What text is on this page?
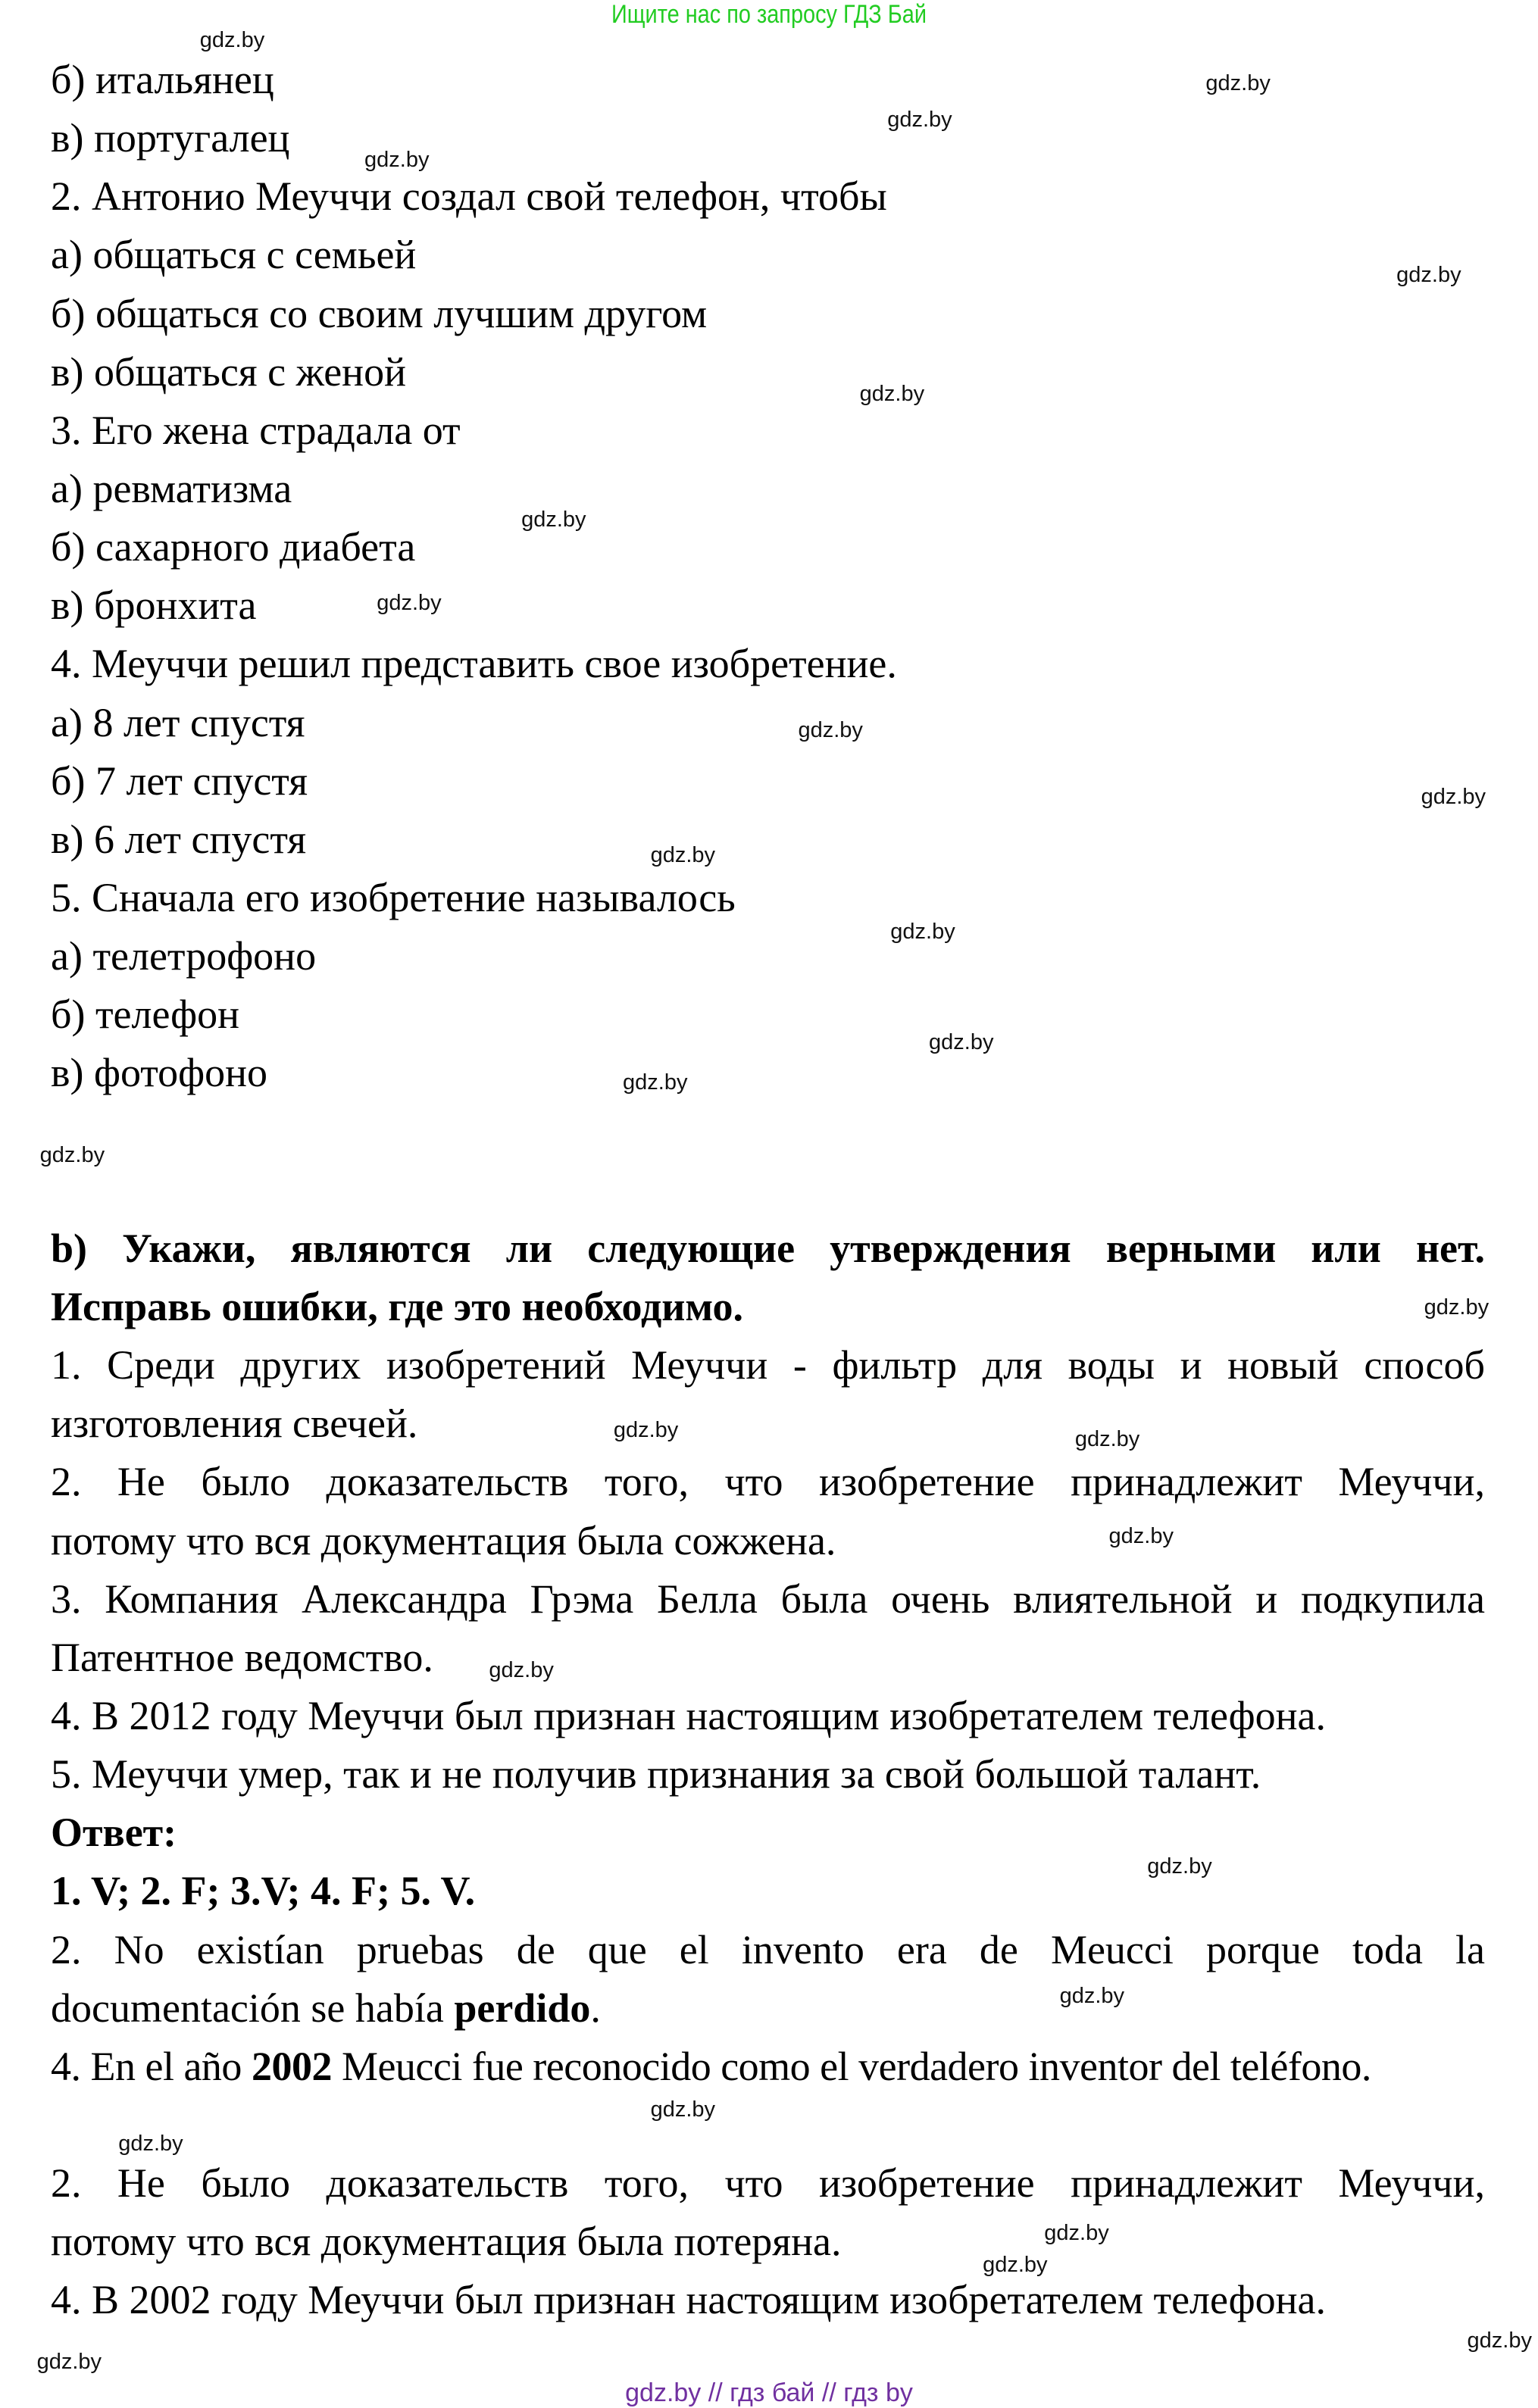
Ищите нас по запросу ГДЗ Бай
б) итальянец
в) португалец
2. Антонио Меуччи создал свой телефон, чтобы
а) общаться с семьей
б) общаться со своим лучшим другом
в) общаться с женой
3. Его жена страдала от
а) ревматизма
б) сахарного диабета
в) бронхита
4. Меуччи решил представить свое изобретение.
а) 8 лет спустя
б) 7 лет спустя
в) 6 лет спустя
5. Сначала его изобретение называлось
а) телетрофоно
б) телефон
в) фотофоно
b) Укажи, являются ли следующие утверждения верными или нет.
Исправь ошибки, где это необходимо.
1. Среди других изобретений Меуччи - фильтр для воды и новый способ
изготовления свечей.
2. Не было доказательств того, что изобретение принадлежит Меуччи,
потому что вся документация была сожжена.
3. Компания Александра Грэма Белла была очень влиятельной и подкупила
Патентное ведомство.
4. В 2012 году Меуччи был признан настоящим изобретателем телефона.
5. Меуччи умер, так и не получив признания за свой большой талант.
Ответ:
1. V; 2. F; 3.V; 4. F; 5. V.
2. No existían pruebas de que el invento era de Meucci porque toda la
documentación se había perdido.
4. En el año 2002 Meucci fue reconocido como el verdadero inventor del teléfono.
2. Не было доказательств того, что изобретение принадлежит Меуччи,
потому что вся документация была потеряна.
4. В 2002 году Меуччи был признан настоящим изобретателем телефона.
gdz.by
gdz.by
gdz.by
gdz.by
gdz.by
gdz.by
gdz.by
gdz.by
gdz.by
gdz.by
gdz.by
gdz.by
gdz.by
gdz.by
gdz.by
gdz.by
gdz.by	gdz.by
gdz.by
gdz.by
gdz.by
gdz.by
gdz.by
gdz.by
gdz.by
gdz.by
gdz.by
gdz.by
gdz.by // гдз бай // гдз by
